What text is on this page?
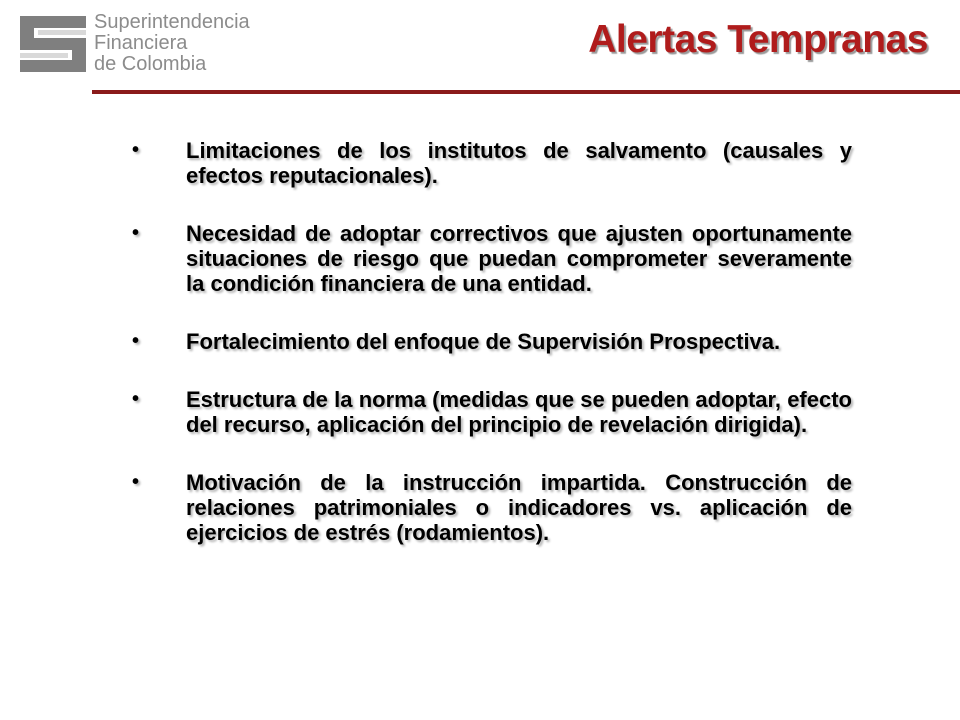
Superintendencia
Financiera
de Colombia
Alertas Tempranas
• Limitaciones de los institutos de salvamento (causales y efectos reputacionales).
• Necesidad de adoptar correctivos que ajusten oportunamente situaciones de riesgo que puedan comprometer severamente la condición financiera de una entidad.
• Fortalecimiento del enfoque de Supervisión Prospectiva.
• Estructura de la norma (medidas que se pueden adoptar, efecto del recurso, aplicación del principio de revelación dirigida).
• Motivación de la instrucción impartida. Construcción de relaciones patrimoniales o indicadores vs. aplicación de ejercicios de estrés (rodamientos).
